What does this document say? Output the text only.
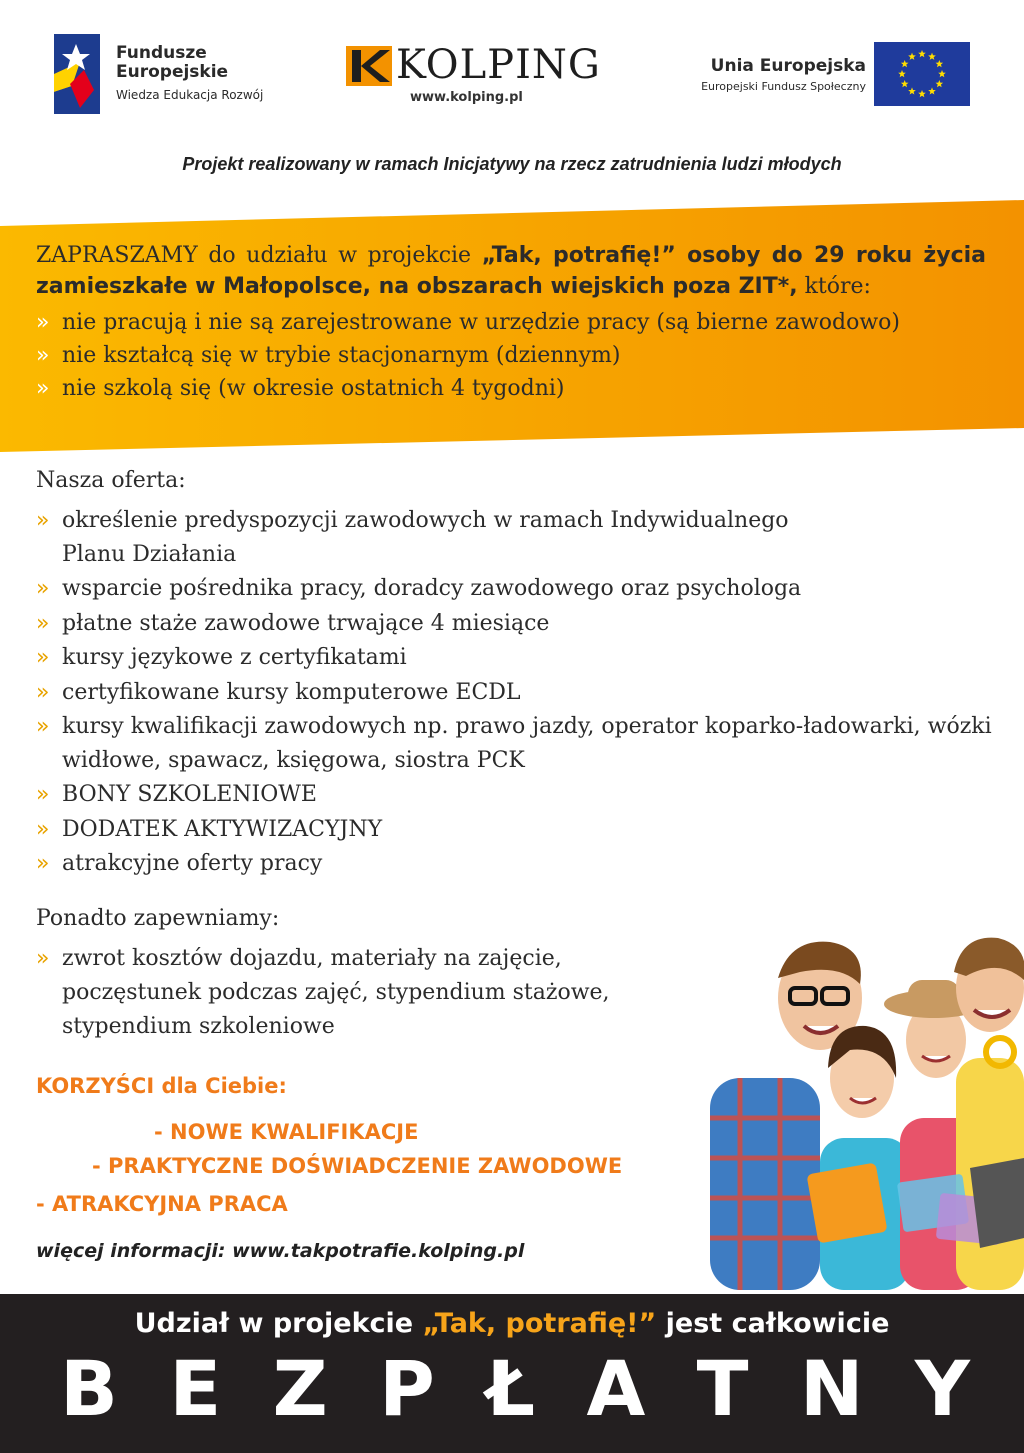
Fundusze
Europejskie
Wiedza Edukacja Rozwój
KOLPING
www.kolping.pl
Unia Europejska
Europejski Fundusz Społeczny
Projekt realizowany w ramach Inicjatywy na rzecz zatrudnienia ludzi młodych

ZAPRASZAMY do udziału w projekcie „Tak, potrafię!” osoby do 29 roku życia zamieszkałe w Małopolsce, na obszarach wiejskich poza ZIT*, które:

» nie pracują i nie są zarejestrowane w urzędzie pracy (są bierne zawodowo)
» nie kształcą się w trybie stacjonarnym (dziennym)
» nie szkolą się (w okresie ostatnich 4 tygodni)
Nasza oferta:
» określenie predyspozycji zawodowych w ramach Indywidualnego Planu Działania
» wsparcie pośrednika pracy, doradcy zawodowego oraz psychologa
» płatne staże zawodowe trwające 4 miesiące
» kursy językowe z certyfikatami
» certyfikowane kursy komputerowe ECDL
» kursy kwalifikacji zawodowych np. prawo jazdy, operator koparko-ładowarki, wózki widłowe, spawacz, księgowa, siostra PCK
» BONY SZKOLENIOWE
» DODATEK AKTYWIZACYJNY
» atrakcyjne oferty pracy
Ponadto zapewniamy:
» zwrot kosztów dojazdu, materiały na zajęcie, poczęstunek podczas zajęć, stypendium stażowe, stypendium szkoleniowe
KORZYŚCI dla Ciebie:
- NOWE KWALIFIKACJE
- PRAKTYCZNE DOŚWIADCZENIE ZAWODOWE
- ATRAKCYJNA PRACA
więcej informacji: www.takpotrafie.kolping.pl
Udział w projekcie „Tak, potrafię!” jest całkowicie
B E Z P Ł A T N Y
